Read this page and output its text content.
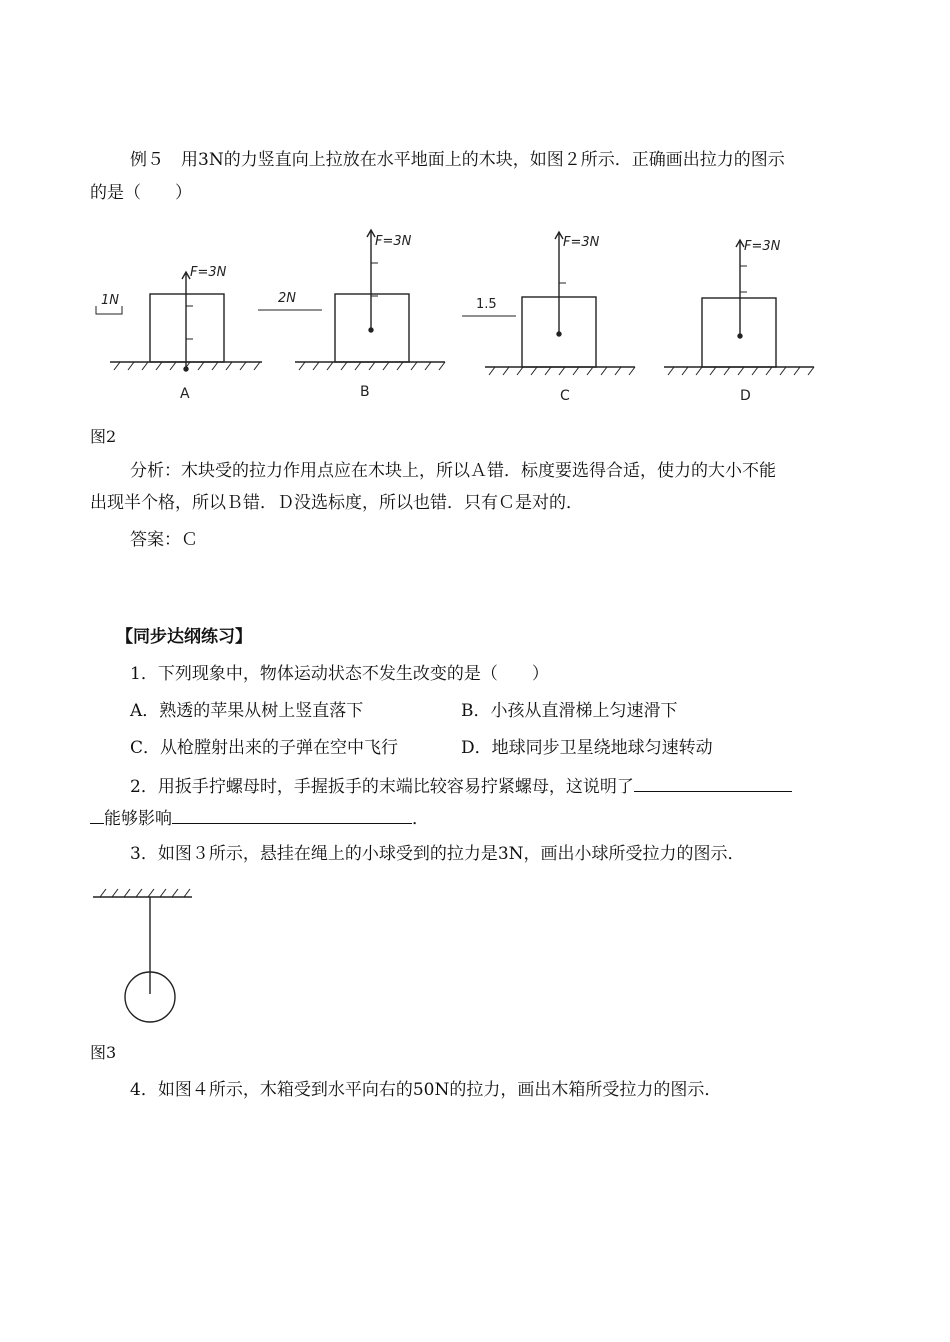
例５　用3N的力竖直向上拉放在水平地面上的木块，如图２所示．正确画出拉力的图示
的是（　　）
F=3N
1N
F=3N
2N
F=3N
1.5
F=3N
A	B	C	D
图2
分析：木块受的拉力作用点应在木块上，所以Ａ错．标度要选得合适，使力的大小不能
出现半个格，所以Ｂ错．Ｄ没选标度，所以也错．只有Ｃ是对的．
答案：Ｃ
【同步达纲练习】
1．下列现象中，物体运动状态不发生改变的是（　　）
A．熟透的苹果从树上竖直落下	B．小孩从直滑梯上匀速滑下
C．从枪膛射出来的子弹在空中飞行	D．地球同步卫星绕地球匀速转动
2．用扳手拧螺母时，手握扳手的末端比较容易拧紧螺母，这说明了
能够影响	．
3．如图３所示，悬挂在绳上的小球受到的拉力是3N，画出小球所受拉力的图示．
图3
4．如图４所示，木箱受到水平向右的50N的拉力，画出木箱所受拉力的图示．
